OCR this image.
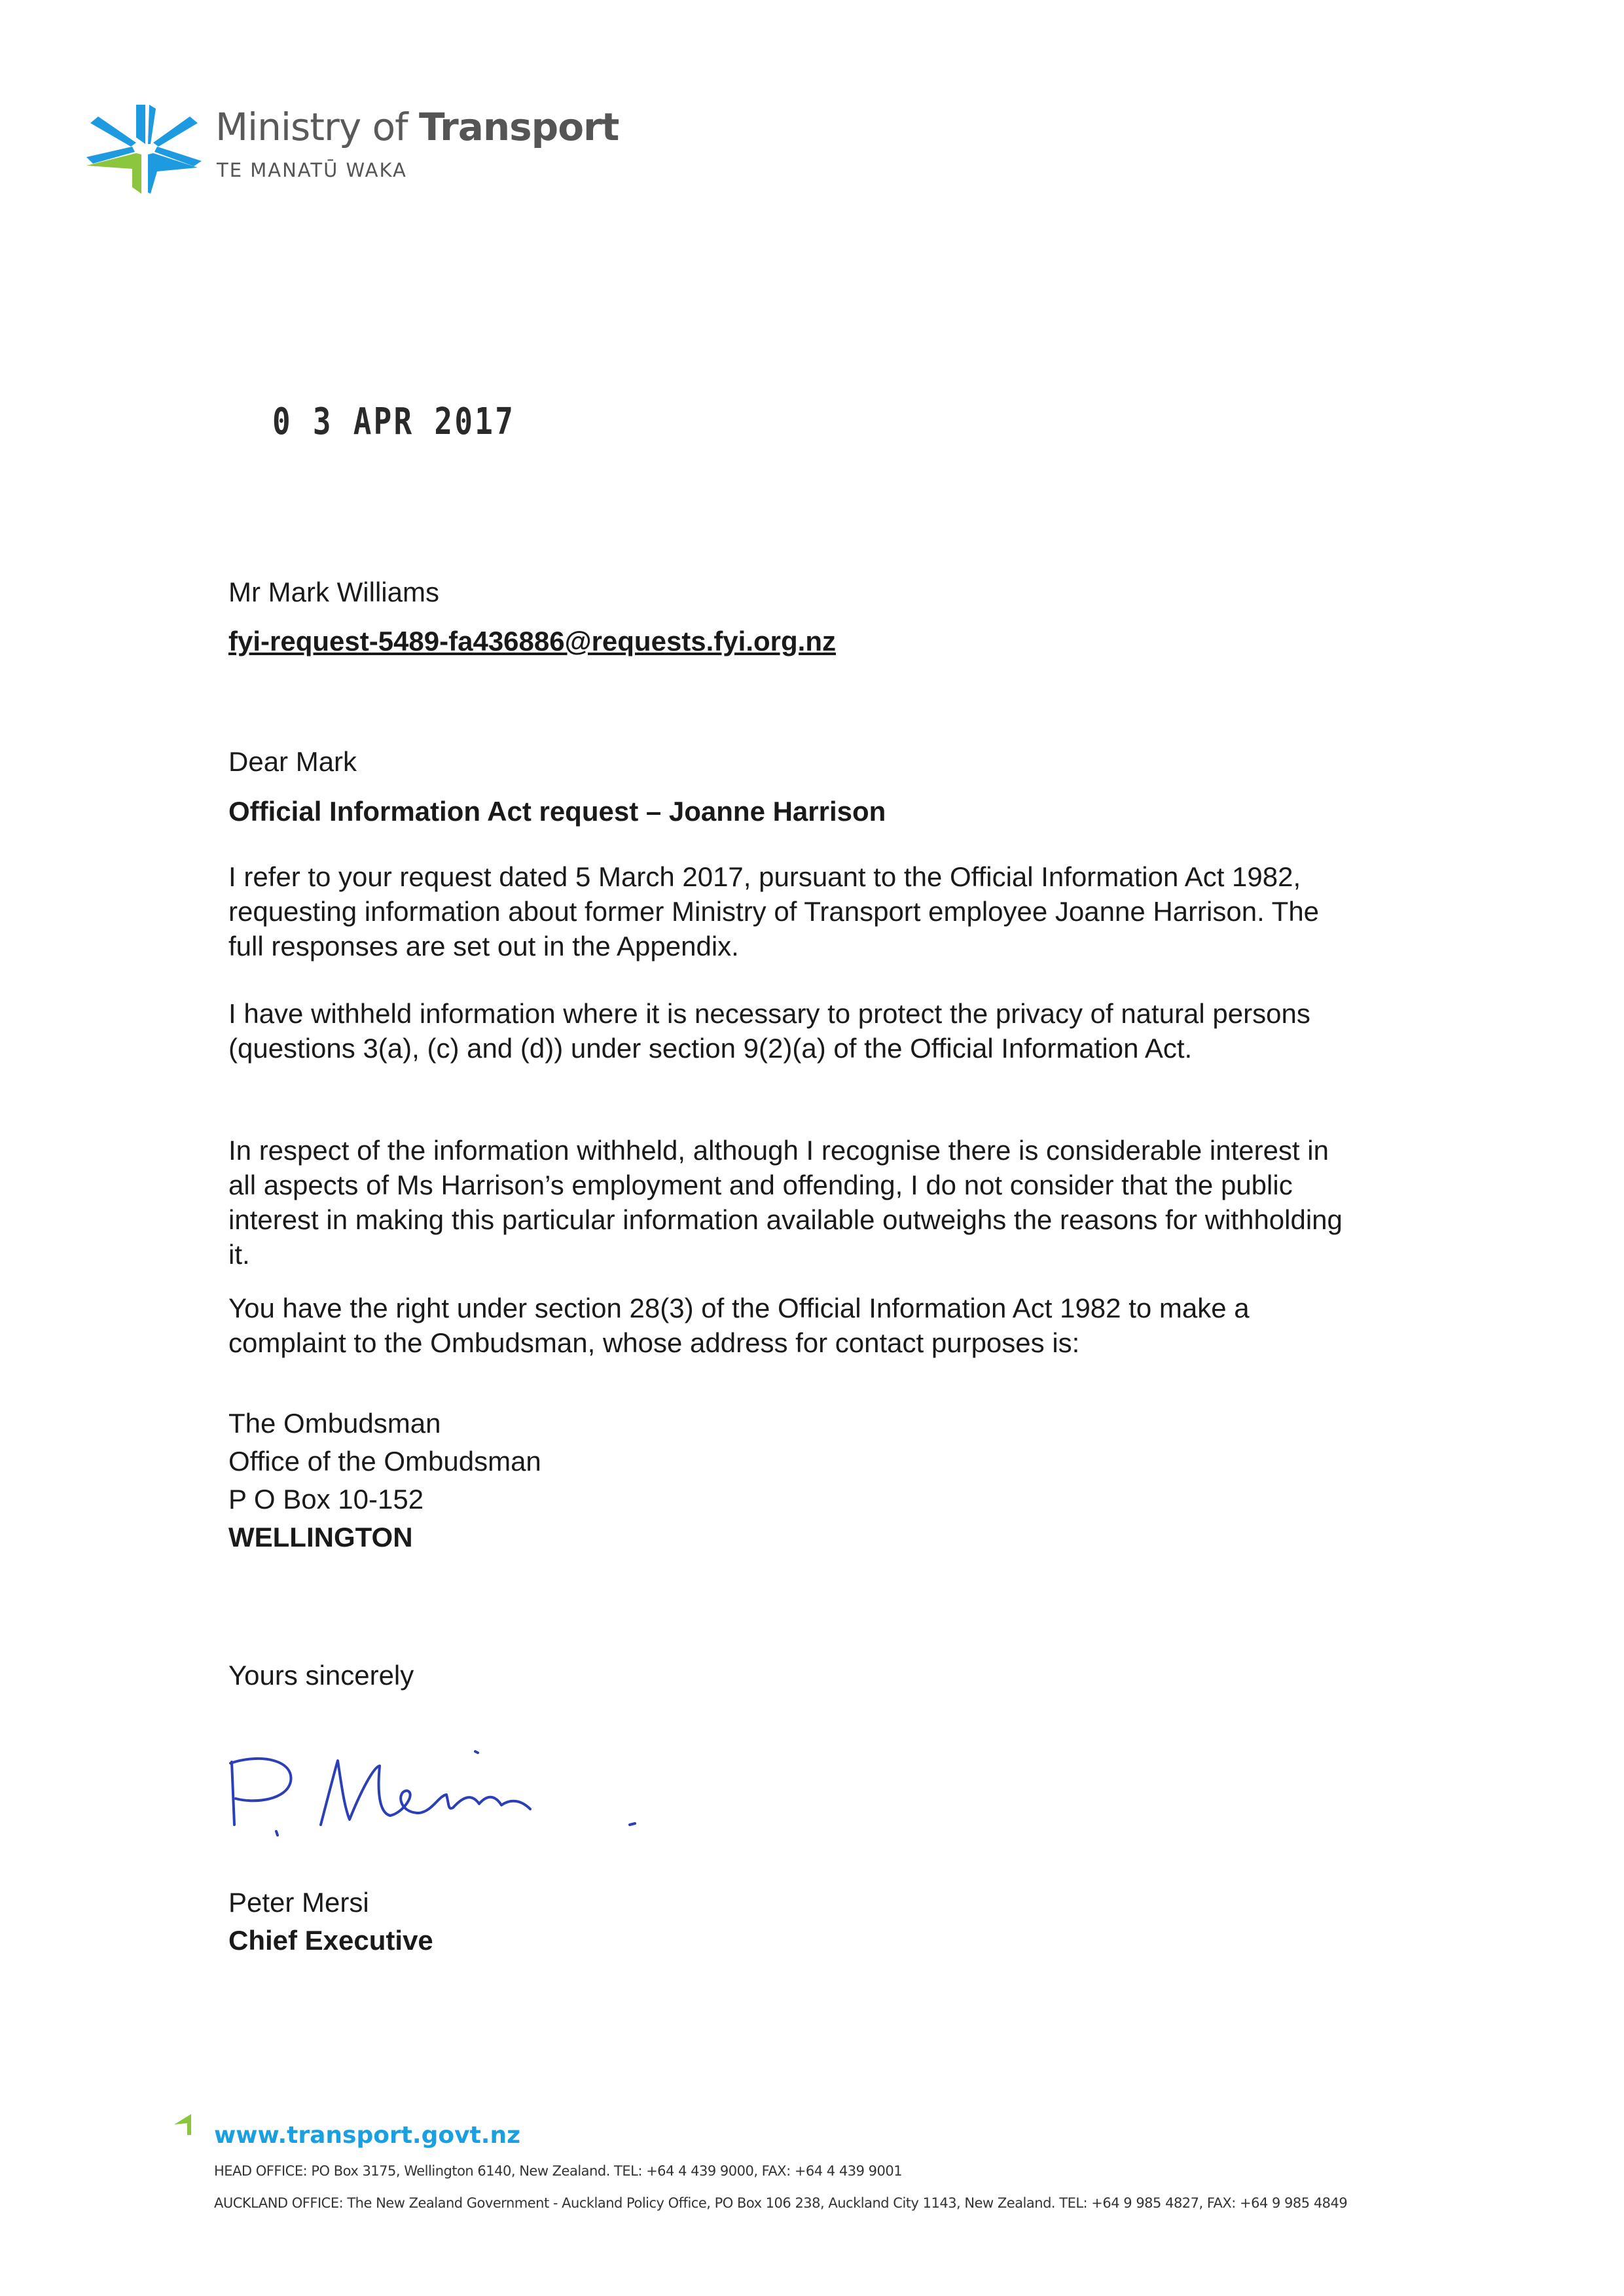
Ministry of Transport
TE MANATŪ WAKA
0 3 APR 2017
Mr Mark Williams
fyi-request-5489-fa436886@requests.fyi.org.nz
Dear Mark
Official Information Act request – Joanne Harrison
I refer to your request dated 5 March 2017, pursuant to the Official Information Act 1982, requesting information about former Ministry of Transport employee Joanne Harrison. The full responses are set out in the Appendix.
I have withheld information where it is necessary to protect the privacy of natural persons (questions 3(a), (c) and (d)) under section 9(2)(a) of the Official Information Act.
In respect of the information withheld, although I recognise there is considerable interest in all aspects of Ms Harrison’s employment and offending, I do not consider that the public interest in making this particular information available outweighs the reasons for withholding it.
You have the right under section 28(3) of the Official Information Act 1982 to make a complaint to the Ombudsman, whose address for contact purposes is:
The Ombudsman
Office of the Ombudsman
P O Box 10-152
WELLINGTON
Yours sincerely
Peter Mersi
Chief Executive
www.transport.govt.nz
HEAD OFFICE: PO Box 3175, Wellington 6140, New Zealand. TEL: +64 4 439 9000, FAX: +64 4 439 9001
AUCKLAND OFFICE: The New Zealand Government - Auckland Policy Office, PO Box 106 238, Auckland City 1143, New Zealand. TEL: +64 9 985 4827, FAX: +64 9 985 4849
